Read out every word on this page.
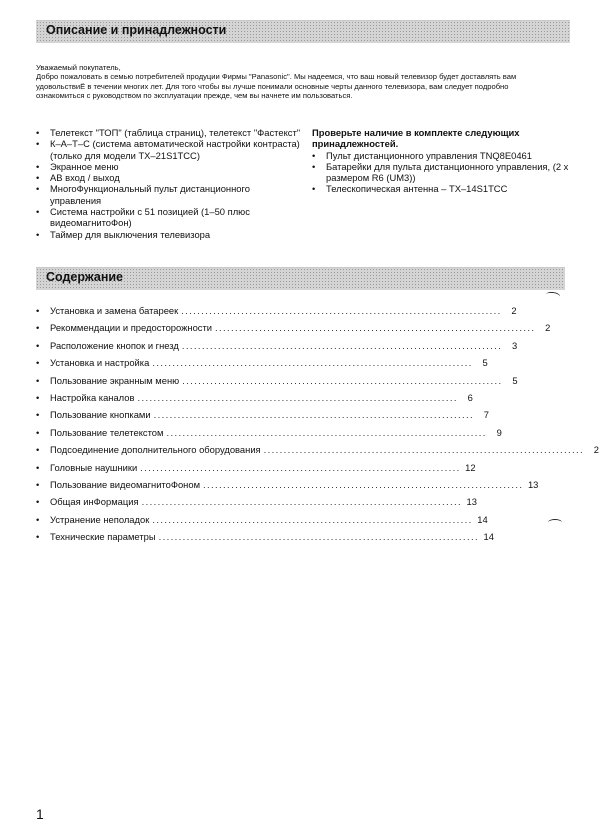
Описание и принадлежности

Уважаемый покупатель,

Добро пожаловать в семью потребителей продуции Фирмы "Panasonic". Мы надеемся, что ваш новый телевизор будет доставлять вам удовольствиЁ в течении многих лет. Для того чтобы вы лучше понимали основные черты данного телевизора, вам следует подробно ознакомиться с руководством по эксплуатации прежде, чем вы начнете им пользоваться.

• Телетекст "ТОП" (таблица страниц), телетекст "Фастекст"
• К–А–Т–С (система автоматической настройки контраста) (только для модели TX–21S1TCC)
• Экранное меню
• АВ вход / выход
• МногоФункциональный пульт дистанционного управления
• Система настройки с 51 позицией (1–50 плюс видеомагнитоФон)
• Таймер для выключения телевизора
Проверьте наличие в комплекте следующих принадлежностей.
• Пульт дистанционного управления TNQ8E0461
• Батарейки для пульта дистанционного управления, (2 x размером R6 (UM3))
• Телескопическая антенна – TX–14S1TCC
Содержание
• Установка и замена батареек ................................................................................	2
• Рекоммендации и предосторожности ................................................................................	2
• Расположение кнопок и гнезд ................................................................................	3
• Установка и настройка ................................................................................	5
• Пользование экранным меню ................................................................................	5
• Настройка каналов ................................................................................	6
• Пользование кнопками ................................................................................	7
• Пользование телетекстом ................................................................................	9
• Подсоединение дополнительного оборудования ................................................................................	2
• Головные наушники ................................................................................ 12
• Пользование видеомагнитоФоном ................................................................................ 13
• Общая инФормация ................................................................................ 13
• Устранение неполадок ................................................................................ 14
• Технические параметры ................................................................................ 14
1
